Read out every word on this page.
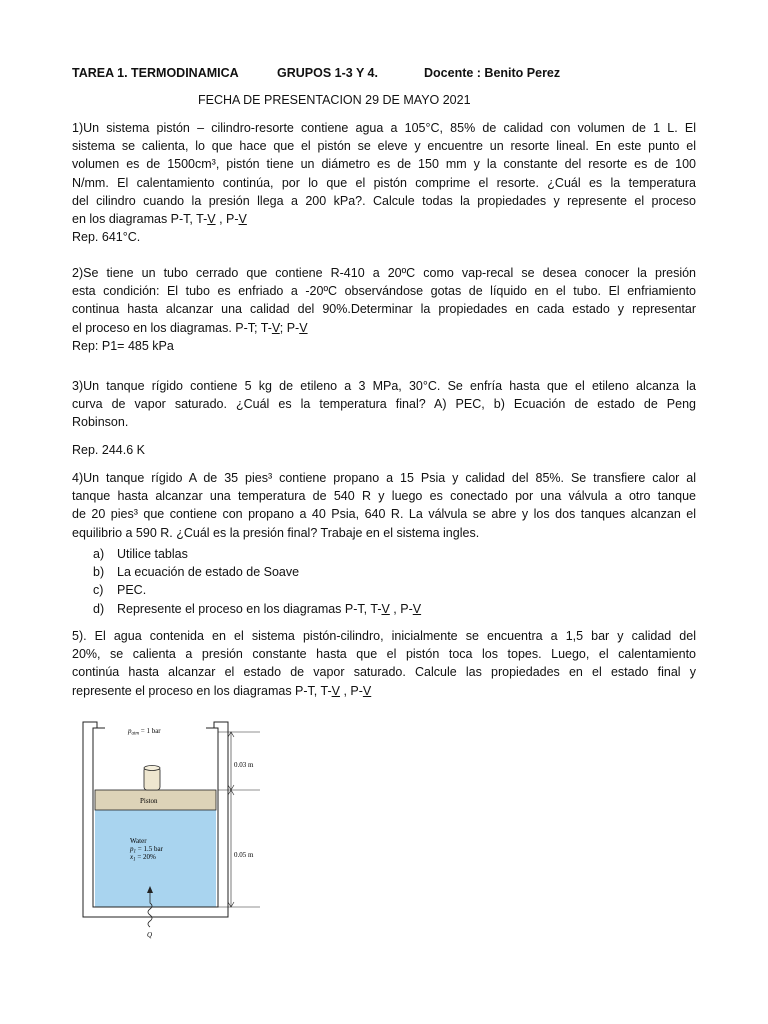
TAREA 1. TERMODINAMICA	GRUPOS 1-3 Y 4.	Docente : Benito Perez
FECHA DE PRESENTACION 29 DE MAYO 2021
1)Un sistema pistón – cilindro-resorte contiene agua a 105°C, 85% de calidad con volumen de 1 L. El
sistema se calienta, lo que hace que el pistón se eleve y encuentre un resorte lineal. En este punto el
volumen es de 1500cm³, pistón tiene un diámetro es de 150 mm y la constante del resorte es de 100
N/mm. El calentamiento continúa, por lo que el pistón comprime el resorte. ¿Cuál es la temperatura
del cilindro cuando la presión llega a 200 kPa?. Calcule todas la propiedades y represente el proceso
en los diagramas P-T, T-V , P-V
Rep. 641°C.
2)Se tiene un tubo cerrado que contiene R-410 a 20ºC como vap-recal se desea conocer la presión
esta condición: El tubo es enfriado a -20ºC observándose gotas de líquido en el tubo. El enfriamiento
continua hasta alcanzar una calidad del 90%.Determinar la propiedades en cada estado y representar
el proceso en los diagramas. P-T; T-V; P-V
Rep: P1= 485 kPa
3)Un tanque rígido contiene 5 kg de etileno a 3 MPa, 30°C. Se enfría hasta que el etileno alcanza la
curva de vapor saturado. ¿Cuál es la temperatura final? A) PEC, b) Ecuación de estado de Peng
Robinson.
Rep. 244.6 K
4)Un tanque rígido A de 35 pies³ contiene propano a 15 Psia y calidad del 85%. Se transfiere calor al
tanque hasta alcanzar una temperatura de 540 R y luego es conectado por una válvula a otro tanque
de 20 pies³ que contiene con propano a 40 Psia, 640 R. La válvula se abre y los dos tanques alcanzan el
equilibrio a 590 R. ¿Cuál es la presión final? Trabaje en el sistema ingles.
a) Utilice tablas
b) La ecuación de estado de Soave
c) PEC.
d) Represente el proceso en los diagramas P-T, T-V , P-V
5). El agua contenida en el sistema pistón-cilindro, inicialmente se encuentra a 1,5 bar y calidad del
20%, se calienta a presión constante hasta que el pistón toca los topes. Luego, el calentamiento
continúa hasta alcanzar el estado de vapor saturado. Calcule las propiedades en el estado final y
represente el proceso en los diagramas P-T, T-V , P-V
0.03 m
0.05 m
$p_{atm} = 1$ bar
Piston
Water
$p_1 = 1.5$ bar
$x_1 = 20\%$
Q
